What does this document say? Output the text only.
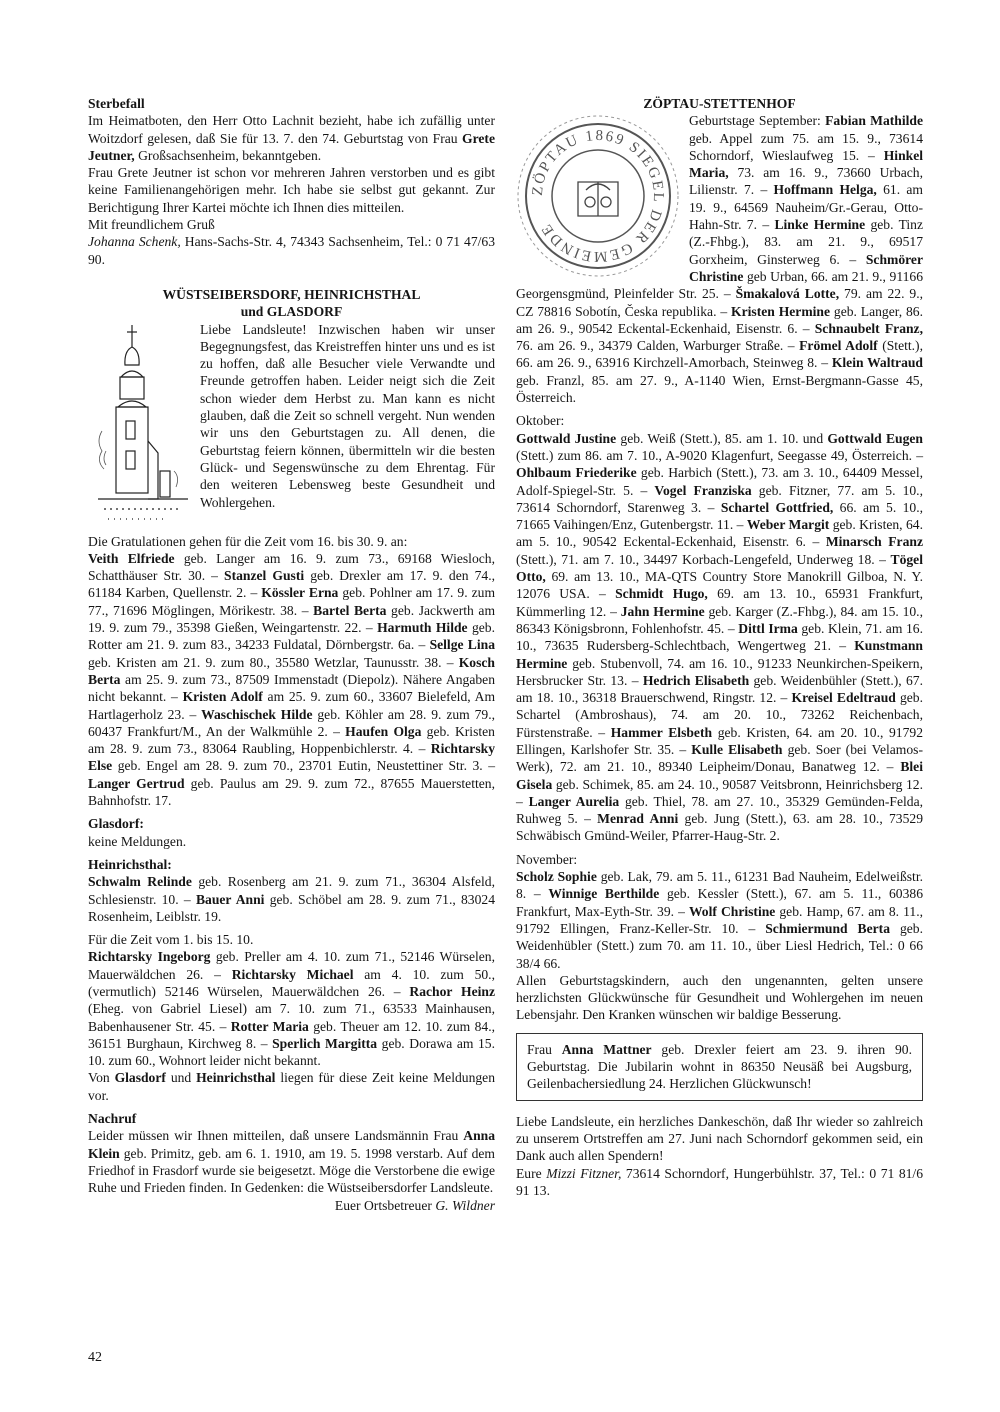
Sterbefall

Im Heimatboten, den Herr Otto Lachnit bezieht, habe ich zufällig unter Woitzdorf gelesen, daß Sie für 13. 7. den 74. Geburtstag von Frau Grete Jeutner, Großsachsenheim, bekanntgeben.

Frau Grete Jeutner ist schon vor mehreren Jahren verstorben und es gibt keine Familienangehörigen mehr. Ich habe sie selbst gut gekannt. Zur Berichtigung Ihrer Kartei möchte ich Ihnen dies mitteilen.

Mit freundlichem Gruß

Johanna Schenk, Hans-Sachs-Str. 4, 74343 Sachsenheim, Tel.: 0 71 47/63 90.

WÜSTSEIBERSDORF, HEINRICHSTHAL
und GLASDORF

Liebe Landsleute! Inzwischen haben wir unser Begegnungsfest, das Kreistreffen hinter uns und es ist zu hoffen, daß alle Besucher viele Verwandte und Freunde getroffen haben. Leider neigt sich die Zeit schon wieder dem Herbst zu. Man kann es nicht glauben, daß die Zeit so schnell vergeht. Nun wenden wir uns den Geburtstagen zu. All denen, die Geburtstag feiern können, übermitteln wir die besten Glück- und Segenswünsche zu dem Ehrentag. Für den weiteren Lebensweg beste Gesundheit und Wohlergehen.

Die Gratulationen gehen für die Zeit vom 16. bis 30. 9. an:

Veith Elfriede geb. Langer am 16. 9. zum 73., 69168 Wiesloch, Schatthäuser Str. 30. – Stanzel Gusti geb. Drexler am 17. 9. den 74., 61184 Karben, Quellenstr. 2. – Kössler Erna geb. Pohlner am 17. 9. zum 77., 71696 Möglingen, Mörikestr. 38. – Bartel Berta geb. Jackwerth am 19. 9. zum 79., 35398 Gießen, Weingartenstr. 22. – Harmuth Hilde geb. Rotter am 21. 9. zum 83., 34233 Fuldatal, Dörnbergstr. 6a. – Sellge Lina geb. Kristen am 21. 9. zum 80., 35580 Wetzlar, Taunusstr. 38. – Kosch Berta am 25. 9. zum 73., 87509 Immenstadt (Diepolz). Nähere Angaben nicht bekannt. – Kristen Adolf am 25. 9. zum 60., 33607 Bielefeld, Am Hartlagerholz 23. – Waschischek Hilde geb. Köhler am 28. 9. zum 79., 60437 Frankfurt/M., An der Walkmühle 2. – Haufen Olga geb. Kristen am 28. 9. zum 73., 83064 Raubling, Hoppenbichlerstr. 4. – Richtarsky Else geb. Engel am 28. 9. zum 70., 23701 Eutin, Neustettiner Str. 3. – Langer Gertrud geb. Paulus am 29. 9. zum 72., 87655 Mauerstetten, Bahnhofstr. 17.

Glasdorf:

keine Meldungen.

Heinrichsthal:

Schwalm Relinde geb. Rosenberg am 21. 9. zum 71., 36304 Alsfeld, Schlesienstr. 10. – Bauer Anni geb. Schöbel am 28. 9. zum 71., 83024 Rosenheim, Leiblstr. 19.

Für die Zeit vom 1. bis 15. 10.

Richtarsky Ingeborg geb. Preller am 4. 10. zum 71., 52146 Würselen, Mauerwäldchen 26. – Richtarsky Michael am 4. 10. zum 50., (vermutlich) 52146 Würselen, Mauerwäldchen 26. – Rachor Heinz (Eheg. von Gabriel Liesel) am 7. 10. zum 71., 63533 Mainhausen, Babenhausener Str. 45. – Rotter Maria geb. Theuer am 12. 10. zum 84., 36151 Burghaun, Kirchweg 8. – Sperlich Margitta geb. Dorawa am 15. 10. zum 60., Wohnort leider nicht bekannt.

Von Glasdorf und Heinrichsthal liegen für diese Zeit keine Meldungen vor.

Nachruf

Leider müssen wir Ihnen mitteilen, daß unsere Landsmännin Frau Anna Klein geb. Primitz, geb. am 6. 1. 1910, am 19. 5. 1998 verstarb. Auf dem Friedhof in Frasdorf wurde sie beigesetzt. Möge die Verstorbene die ewige Ruhe und Frieden finden. In Gedenken: die Wüstseibersdorfer Landsleute.

Euer Ortsbetreuer G. Wildner

ZÖPTAU-STETTENHOF
ZÖPTAU 1869 SIEGEL DER GEMEINDE

Geburtstage September: Fabian Mathilde geb. Appel zum 75. am 15. 9., 73614 Schorndorf, Wieslaufweg 15. – Hinkel Maria, 73. am 16. 9., 73660 Urbach, Lilienstr. 7. – Hoffmann Helga, 61. am 19. 9., 64569 Nauheim/Gr.-Gerau, Otto-Hahn-Str. 7. – Linke Hermine geb. Tinz (Z.-Fhbg.), 83. am 21. 9., 69517 Gorxheim, Ginsterweg 6. – Schmörer Christine geb Urban, 66. am 21. 9., 91166 Georgensgmünd, Pleinfelder Str. 25. – Šmakalová Lotte, 79. am 22. 9., CZ 78816 Sobotín, Česka republika. – Kristen Hermine geb. Langer, 86. am 26. 9., 90542 Eckental-Eckenhaid, Eisenstr. 6. – Schnaubelt Franz, 76. am 26. 9., 34379 Calden, Warburger Straße. – Frömel Adolf (Stett.), 66. am 26. 9., 63916 Kirchzell-Amorbach, Steinweg 8. – Klein Waltraud geb. Franzl, 85. am 27. 9., A-1140 Wien, Ernst-Bergmann-Gasse 45, Österreich.

Oktober:

Gottwald Justine geb. Weiß (Stett.), 85. am 1. 10. und Gottwald Eugen (Stett.) zum 86. am 7. 10., A-9020 Klagenfurt, Seegasse 49, Österreich. – Ohlbaum Friederike geb. Harbich (Stett.), 73. am 3. 10., 64409 Messel, Adolf-Spiegel-Str. 5. – Vogel Franziska geb. Fitzner, 77. am 5. 10., 73614 Schorndorf, Starenweg 3. – Schartel Gottfried, 66. am 5. 10., 71665 Vaihingen/Enz, Gutenbergstr. 11. – Weber Margit geb. Kristen, 64. am 5. 10., 90542 Eckental-Eckenhaid, Eisenstr. 6. – Minarsch Franz (Stett.), 71. am 7. 10., 34497 Korbach-Lengefeld, Underweg 18. – Tögel Otto, 69. am 13. 10., MA-QTS Country Store Manokrill Gilboa, N. Y. 12076 USA. – Schmidt Hugo, 69. am 13. 10., 65931 Frankfurt, Kümmerling 12. – Jahn Hermine geb. Karger (Z.-Fhbg.), 84. am 15. 10., 86343 Königsbronn, Fohlenhofstr. 45. – Dittl Irma geb. Klein, 71. am 16. 10., 73635 Rudersberg-Schlechtbach, Wengertweg 21. – Kunstmann Hermine geb. Stubenvoll, 74. am 16. 10., 91233 Neunkirchen-Speikern, Hersbrucker Str. 13. – Hedrich Elisabeth geb. Weidenbühler (Stett.), 67. am 18. 10., 36318 Brauerschwend, Ringstr. 12. – Kreisel Edeltraud geb. Schartel (Ambroshaus), 74. am 20. 10., 73262 Reichenbach, Fürstenstraße. – Hammer Elsbeth geb. Kristen, 64. am 20. 10., 91792 Ellingen, Karlshofer Str. 35. – Kulle Elisabeth geb. Soer (bei Velamos-Werk), 72. am 21. 10., 89340 Leipheim/Donau, Banatweg 12. – Blei Gisela geb. Schimek, 85. am 24. 10., 90587 Veitsbronn, Heinrichsberg 12. – Langer Aurelia geb. Thiel, 78. am 27. 10., 35329 Gemünden-Felda, Ruhweg 5. – Menrad Anni geb. Jung (Stett.), 63. am 28. 10., 73529 Schwäbisch Gmünd-Weiler, Pfarrer-Haug-Str. 2.

November:

Scholz Sophie geb. Lak, 79. am 5. 11., 61231 Bad Nauheim, Edelweißstr. 8. – Winnige Berthilde geb. Kessler (Stett.), 67. am 5. 11., 60386 Frankfurt, Max-Eyth-Str. 39. – Wolf Christine geb. Hamp, 67. am 8. 11., 91792 Ellingen, Franz-Keller-Str. 10. – Schmiermund Berta geb. Weidenhübler (Stett.) zum 70. am 11. 10., über Liesl Hedrich, Tel.: 0 66 38/4 66.

Allen Geburtstagskindern, auch den ungenannten, gelten unsere herzlichsten Glückwünsche für Gesundheit und Wohlergehen im neuen Lebensjahr. Den Kranken wünschen wir baldige Besserung.

Frau Anna Mattner geb. Drexler feiert am 23. 9. ihren 90. Geburtstag. Die Jubilarin wohnt in 86350 Neusäß bei Augsburg, Geilenbachersiedlung 24. Herzlichen Glückwunsch!

Liebe Landsleute, ein herzliches Dankeschön, daß Ihr wieder so zahlreich zu unserem Ortstreffen am 27. Juni nach Schorndorf gekommen seid, ein Dank auch allen Spendern!

Eure Mizzi Fitzner, 73614 Schorndorf, Hungerbühlstr. 37, Tel.: 0 71 81/6 91 13.

42
